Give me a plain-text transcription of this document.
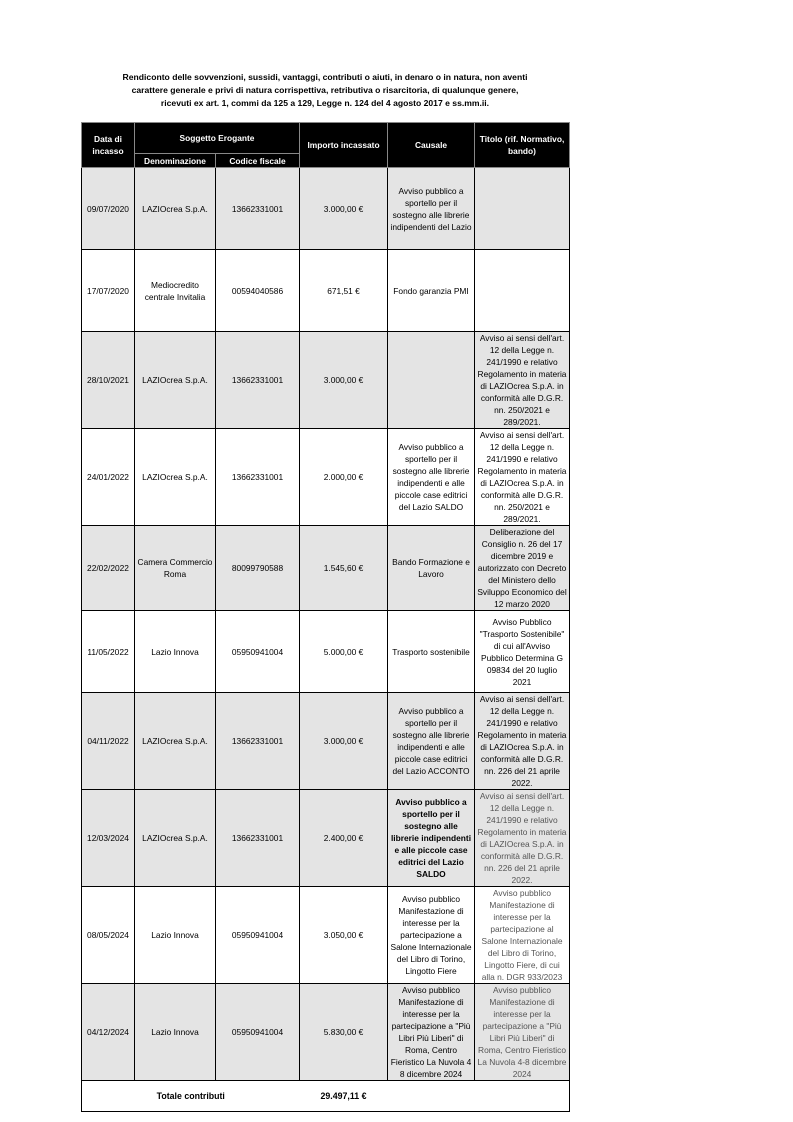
Rendiconto delle sovvenzioni, sussidi, vantaggi, contributi o aiuti, in denaro o in natura, non aventi
carattere generale e privi di natura corrispettiva, retributiva o risarcitoria, di qualunque genere,
ricevuti ex art. 1, commi da 125 a 129, Legge n. 124 del 4 agosto 2017 e ss.mm.ii.
Data di incasso	Soggetto Erogante		Importo incassato	Causale	Titolo (rif. Normativo, bando)
	Denominazione	Codice fiscale			
09/07/2020	LAZIOcrea S.p.A.	13662331001	3.000,00 €	Avviso pubblico a sportello per il sostegno alle librerie indipendenti del Lazio	
17/07/2020	Mediocredito centrale Invitalia	00594040586	671,51 €	Fondo garanzia PMI	
28/10/2021	LAZIOcrea S.p.A.	13662331001	3.000,00 €		Avviso ai sensi dell'art. 12 della Legge n. 241/1990 e relativo Regolamento in materia di LAZIOcrea S.p.A. in conformità alle D.G.R. nn. 250/2021 e 289/2021.
24/01/2022	LAZIOcrea S.p.A.	13662331001	2.000,00 €	Avviso pubblico a sportello per il sostegno alle librerie indipendenti e alle piccole case editrici del Lazio SALDO	Avviso ai sensi dell'art. 12 della Legge n. 241/1990 e relativo Regolamento in materia di LAZIOcrea S.p.A. in conformità alle D.G.R. nn. 250/2021 e 289/2021.
22/02/2022	Camera Commercio Roma	80099790588	1.545,60 €	Bando Formazione e Lavoro	Deliberazione del Consiglio n. 26 del 17 dicembre 2019 e autorizzato con Decreto del Ministero dello Sviluppo Economico del 12 marzo 2020
11/05/2022	Lazio Innova	05950941004	5.000,00 €	Trasporto sostenibile	Avviso Pubblico "Trasporto Sostenibile" di cui all'Avviso Pubblico Determina G 09834 del 20 luglio 2021
04/11/2022	LAZIOcrea S.p.A.	13662331001	3.000,00 €	Avviso pubblico a sportello per il sostegno alle librerie indipendenti e alle piccole case editrici del Lazio ACCONTO	Avviso ai sensi dell'art. 12 della Legge n. 241/1990 e relativo Regolamento in materia di LAZIOcrea S.p.A. in conformità alle D.G.R. nn. 226 del 21 aprile 2022.
12/03/2024	LAZIOcrea S.p.A.	13662331001	2.400,00 €	Avviso pubblico a sportello per il sostegno alle librerie indipendenti e alle piccole case editrici del Lazio SALDO	Avviso ai sensi dell'art. 12 della Legge n. 241/1990 e relativo Regolamento in materia di LAZIOcrea S.p.A. in conformità alle D.G.R. nn. 226 del 21 aprile 2022.
08/05/2024	Lazio Innova	05950941004	3.050,00 €	Avviso pubblico Manifestazione di interesse per la partecipazione a Salone Internazionale del Libro di Torino, Lingotto Fiere	Avviso pubblico Manifestazione di interesse per la partecipazione al Salone Internazionale del Libro di Torino, Lingotto Fiere, di cui alla n. DGR 933/2023
04/12/2024	Lazio Innova	05950941004	5.830,00 €	Avviso pubblico Manifestazione di interesse per la partecipazione a "Più Libri Più Liberi" di Roma, Centro Fieristico La Nuvola 4 8 dicembre 2024	Avviso pubblico Manifestazione di interesse per la partecipazione a "Più Libri Più Liberi" di Roma, Centro Fieristico La Nuvola 4-8 dicembre 2024
Totale contributi			29.497,11 €		
